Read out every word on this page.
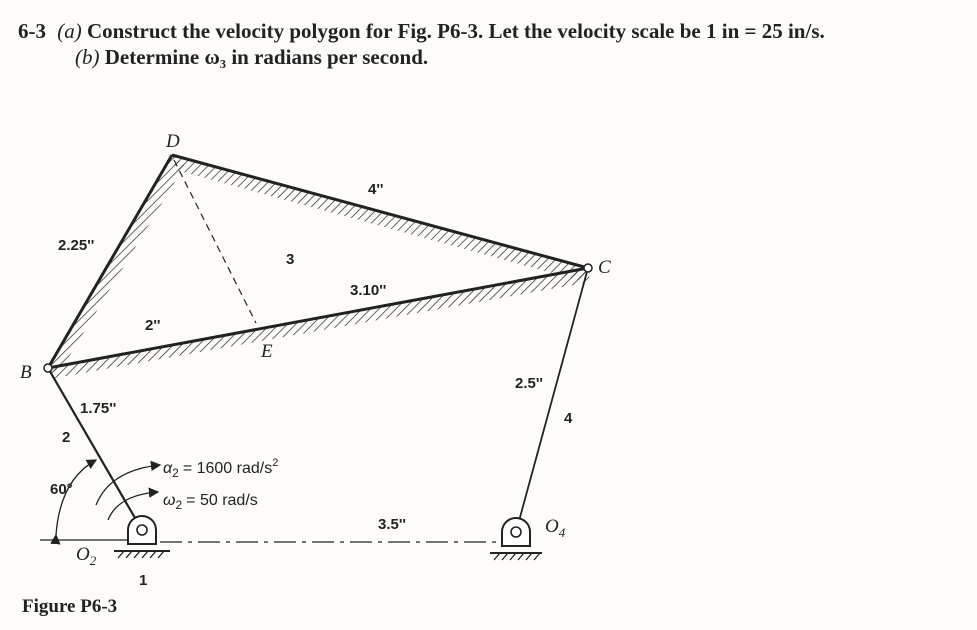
6-3 (a) Construct the velocity polygon for Fig. P6-3. Let the velocity scale be 1 in = 25 in/s.
(b) Determine ω₃ in radians per second.
D
B
C
E
$O_2$
$O_4$
3
2
4
1
2.25''
4''
2''
3.10''
1.75''
2.5''
3.5''
60°
$\alpha_2 = 1600$ rad/$s^2$
$\omega_2 = 50$ rad/s
Figure P6-3
